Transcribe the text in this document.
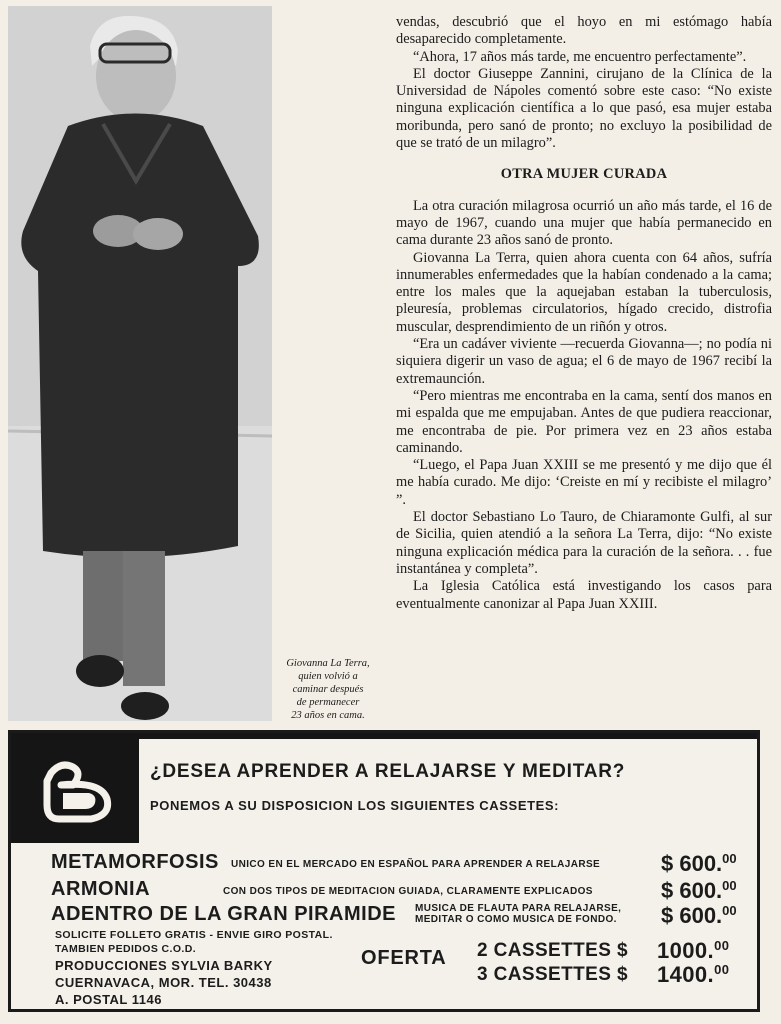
Giovanna La Terra,
quien volvió a
caminar después
de permanecer
23 años en cama.

vendas, descubrió que el hoyo en mi estómago había desaparecido completamente.

“Ahora, 17 años más tarde, me encuentro perfectamente”.

El doctor Giuseppe Zannini, cirujano de la Clínica de la Universidad de Nápoles comentó sobre este caso: “No existe ninguna explicación científica a lo que pasó, esa mujer estaba moribunda, pero sanó de pronto; no excluyo la posibilidad de que se trató de un milagro”.

OTRA MUJER CURADA

La otra curación milagrosa ocurrió un año más tarde, el 16 de mayo de 1967, cuando una mujer que había permanecido en cama durante 23 años sanó de pronto.

Giovanna La Terra, quien ahora cuenta con 64 años, sufría innumerables enfermedades que la habían condenado a la cama; entre los males que la aquejaban estaban la tuberculosis, pleuresía, problemas circulatorios, hígado crecido, distrofia muscular, desprendimiento de un riñón y otros.

“Era un cadáver viviente —recuerda Giovanna—; no podía ni siquiera digerir un vaso de agua; el 6 de mayo de 1967 recibí la extremaunción.

“Pero mientras me encontraba en la cama, sentí dos manos en mi espalda que me empujaban. Antes de que pudiera reaccionar, me encontraba de pie. Por primera vez en 23 años estaba caminando.

“Luego, el Papa Juan XXIII se me presentó y me dijo que él me había curado. Me dijo: ‘Creiste en mí y recibiste el milagro’ ”.

El doctor Sebastiano Lo Tauro, de Chiaramonte Gulfi, al sur de Sicilia, quien atendió a la señora La Terra, dijo: “No existe ninguna explicación médica para la curación de la señora. . . fue instantánea y completa”.

La Iglesia Católica está investigando los casos para eventualmente canonizar al Papa Juan XXIII.

¿DESEA APRENDER A RELAJARSE Y MEDITAR?
PONEMOS A SU DISPOSICION LOS SIGUIENTES CASSETES:
METAMORFOSIS UNICO EN EL MERCADO EN ESPAÑOL PARA APRENDER A RELAJARSE	$ 600.00
ARMONIA	CON DOS TIPOS DE MEDITACION GUIADA, CLARAMENTE EXPLICADOS	$ 600.00
ADENTRO DE LA GRAN PIRAMIDE MUSICA DE FLAUTA PARA RELAJARSE,
MEDITAR O COMO MUSICA DE FONDO. $ 600.00
SOLICITE FOLLETO GRATIS - ENVIE GIRO POSTAL.
TAMBIEN PEDIDOS C.O.D.
PRODUCCIONES SYLVIA BARKY
CUERNAVACA, MOR. TEL. 30438
A. POSTAL 1146
OFERTA 2 CASSETTES $ 1000.00
3 CASSETTES $ 1400.00
